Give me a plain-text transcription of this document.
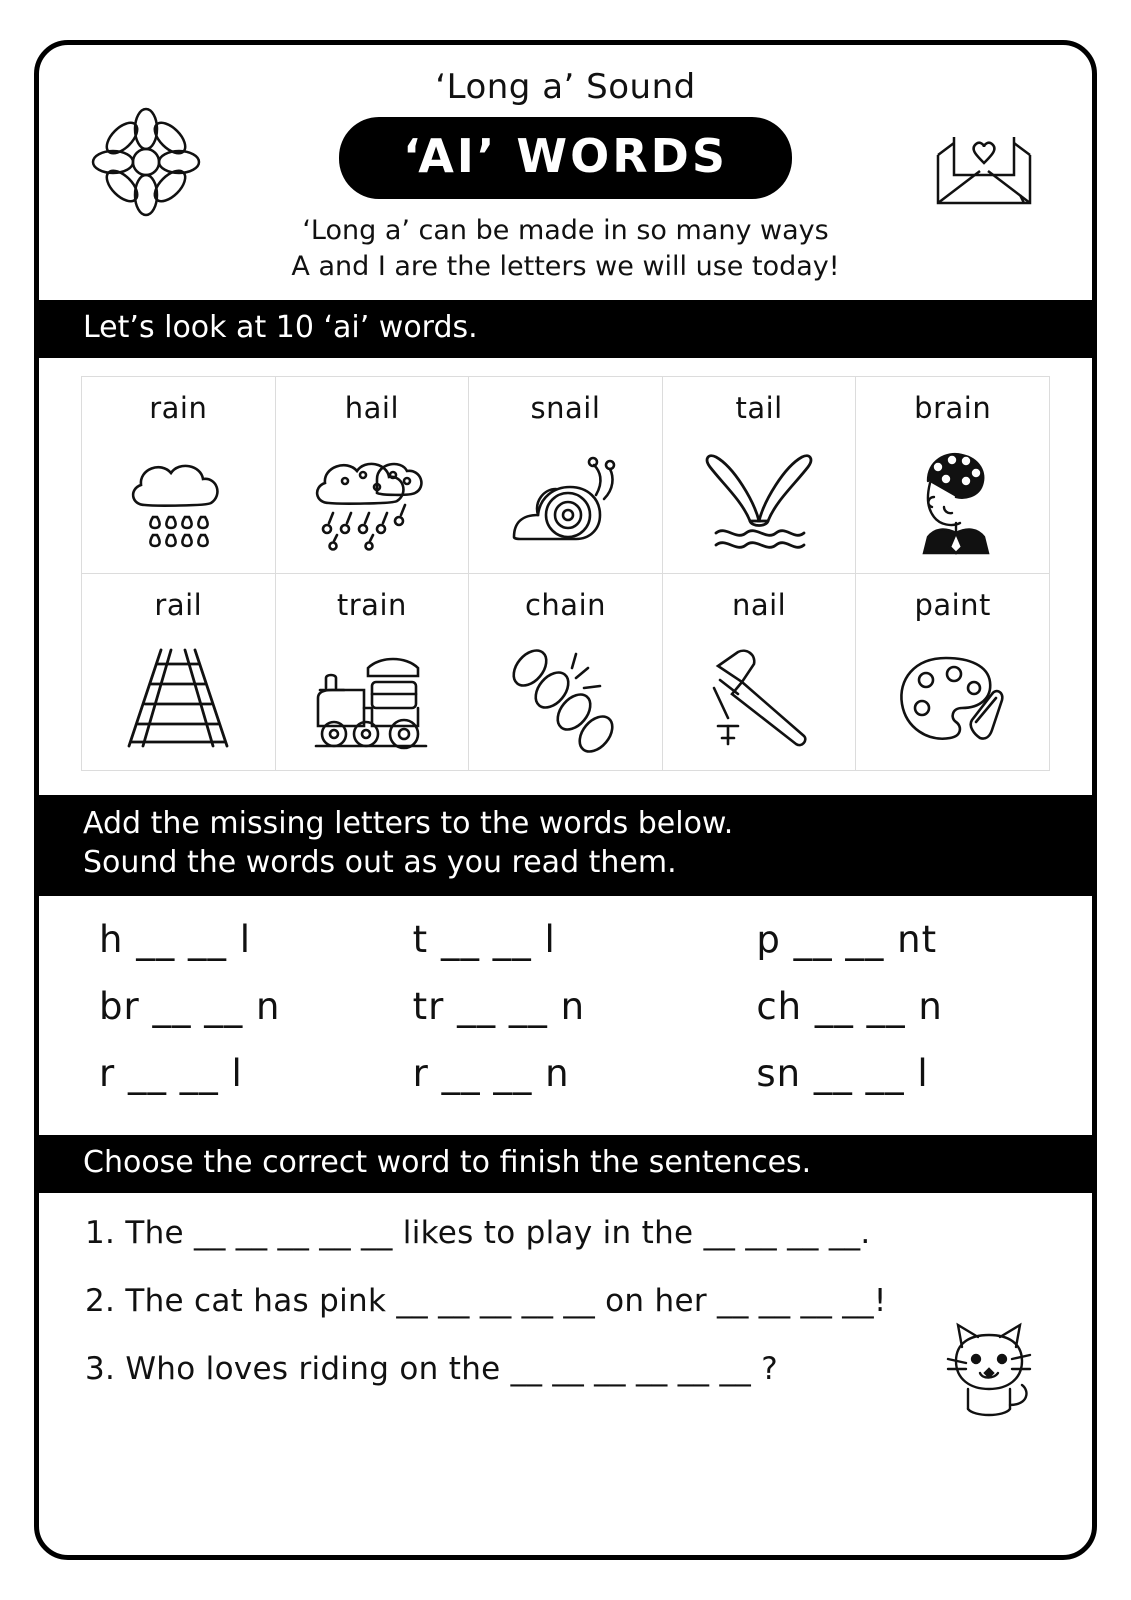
‘Long a’ Sound
‘AI’ WORDS
‘Long a’ can be made in so many ways
A and I are the letters we will use today!
Let’s look at 10 ‘ai’ words.
rain	hail	snail	tail	brain
rail	train	chain	nail	paint
Add the missing letters to the words below.
Sound the words out as you read them.
h __ __ l	t __ __ l	p __ __ nt
br __ __ n	tr __ __ n	ch __ __ n
r __ __ l	r __ __ n	sn __ __ l
Choose the correct word to finish the sentences.
1. The __ __ __ __ __ likes to play in the __ __ __ __.
2. The cat has pink __ __ __ __ __ on her __ __ __ __!
3. Who loves riding on the __ __ __ __ __ __ ?
